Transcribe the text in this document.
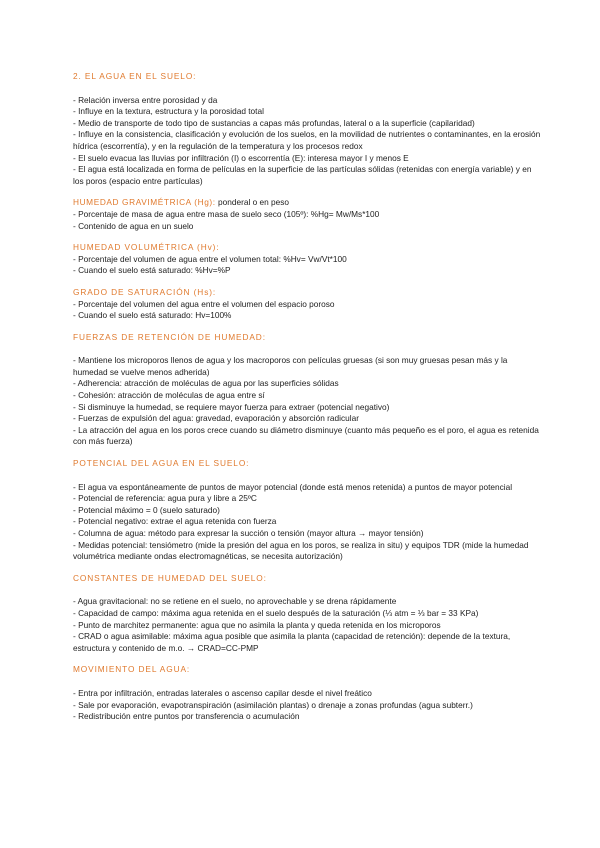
2. EL AGUA EN EL SUELO:
- Relación inversa entre porosidad y da
- Influye en la textura, estructura y la porosidad total
- Medio de transporte de todo tipo de sustancias a capas más profundas, lateral o a la superficie (capilaridad)
- Influye en la consistencia, clasificación y evolución de los suelos, en la movilidad de nutrientes o contaminantes, en la erosión hídrica (escorrentía), y en la regulación de la temperatura y los procesos redox
- El suelo evacua las lluvias por infiltración (I) o escorrentía (E): interesa mayor I y menos E
- El agua está localizada en forma de películas en la superficie de las partículas sólidas (retenidas con energía variable) y en los poros (espacio entre partículas)
HUMEDAD GRAVIMÉTRICA (Hg): ponderal o en peso
- Porcentaje de masa de agua entre masa de suelo seco (105º): %Hg= Mw/Ms*100
- Contenido de agua en un suelo
HUMEDAD VOLUMÉTRICA (Hv):
- Porcentaje del volumen de agua entre el volumen total: %Hv= Vw/Vt*100
- Cuando el suelo está saturado: %Hv=%P
GRADO DE SATURACIÓN (Hs):
- Porcentaje del volumen del agua entre el volumen del espacio poroso
- Cuando el suelo está saturado: Hv=100%
FUERZAS DE RETENCIÓN DE HUMEDAD:
- Mantiene los microporos llenos de agua y los macroporos con películas gruesas (si son muy gruesas pesan más y la humedad se vuelve menos adherida)
- Adherencia: atracción de moléculas de agua por las superficies sólidas
- Cohesión: atracción de moléculas de agua entre sí
- Si disminuye la humedad, se requiere mayor fuerza para extraer (potencial negativo)
- Fuerzas de expulsión del agua: gravedad, evaporación y absorción radicular
- La atracción del agua en los poros crece cuando su diámetro disminuye (cuanto más pequeño es el poro, el agua es retenida con más fuerza)
POTENCIAL DEL AGUA EN EL SUELO:
- El agua va espontáneamente de puntos de mayor potencial (donde está menos retenida) a puntos de mayor potencial
- Potencial de referencia: agua pura y libre a 25ºC
- Potencial máximo = 0 (suelo saturado)
- Potencial negativo: extrae el agua retenida con fuerza
- Columna de agua: método para expresar la succión o tensión (mayor altura → mayor tensión)
- Medidas potencial: tensiómetro (mide la presión del agua en los poros, se realiza in situ) y equipos TDR (mide la humedad volumétrica mediante ondas electromagnéticas, se necesita autorización)
CONSTANTES DE HUMEDAD DEL SUELO:
- Agua gravitacional: no se retiene en el suelo, no aprovechable y se drena rápidamente
- Capacidad de campo: máxima agua retenida en el suelo después de la saturación (⅓ atm = ⅓ bar = 33 KPa)
- Punto de marchitez permanente: agua que no asimila la planta y queda retenida en los microporos
- CRAD o agua asimilable: máxima agua posible que asimila la planta (capacidad de retención): depende de la textura, estructura y contenido de m.o. → CRAD=CC-PMP
MOVIMIENTO DEL AGUA:
- Entra por infiltración, entradas laterales o ascenso capilar desde el nivel freático
- Sale por evaporación, evapotranspiración (asimilación plantas) o drenaje a zonas profundas (agua subterr.)
- Redistribución entre puntos por transferencia o acumulación
